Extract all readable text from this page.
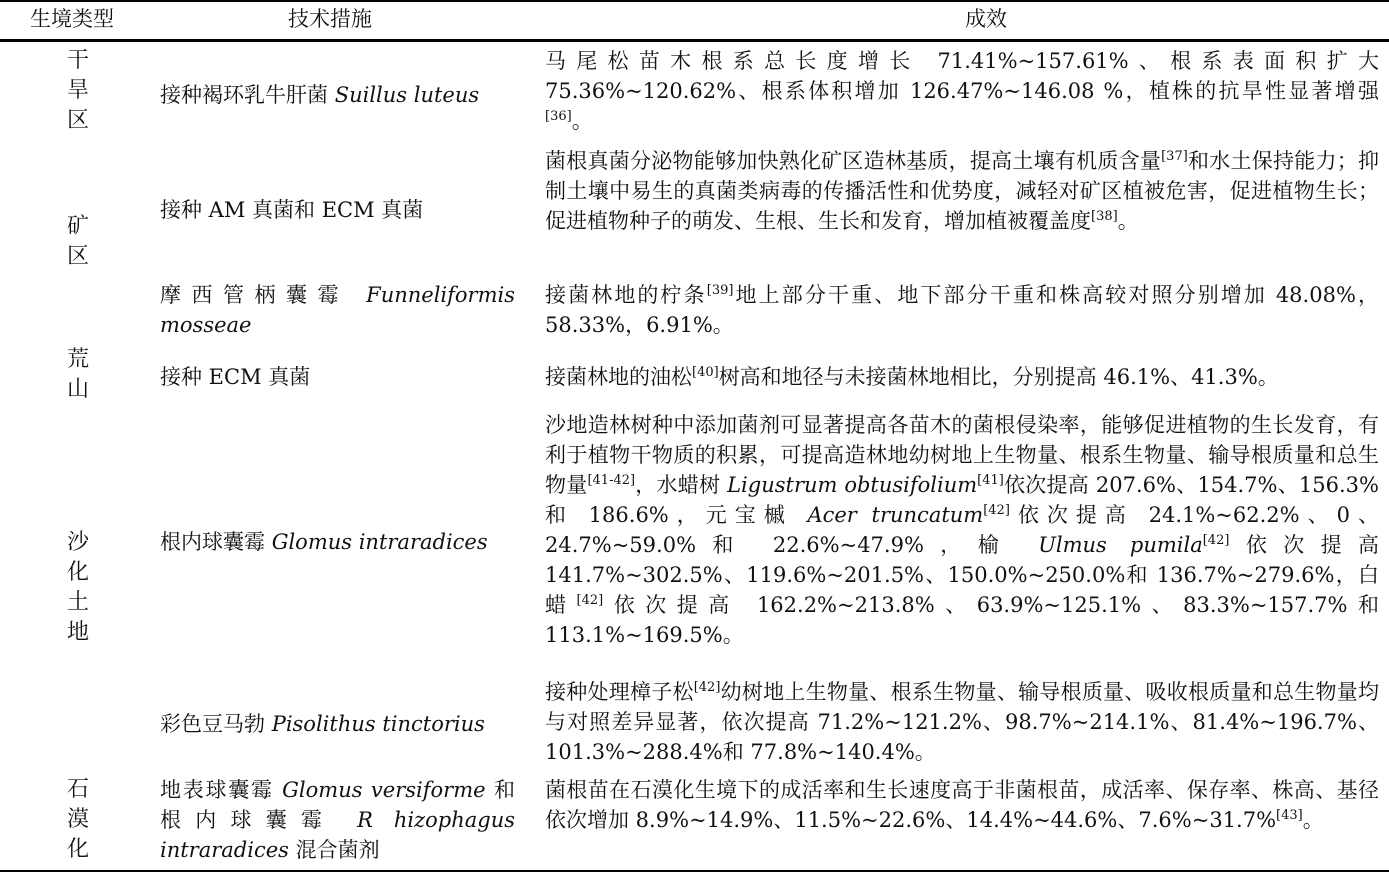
生境类型	技术措施	成效
干
旱
区
矿
区
荒
山
沙
化
土
地
石
漠
化
接种褐环乳牛肝菌 Suillus luteus
接种 AM 真菌和 ECM 真菌
摩西管柄囊霉 Funneliformis mosseae
接种 ECM 真菌
根内球囊霉 Glomus intraradices
彩色豆马勃 Pisolithus tinctorius
地表球囊霉 Glomus versiforme 和根内球囊霉 R hizophagus intraradices 混合菌剂
马尾松苗木根系总长度增长 71.41%~157.61%、根系表面积扩大 75.36%~120.62%、根系体积增加 126.47%~146.08 %，植株的抗旱性显著增强[36]。
菌根真菌分泌物能够加快熟化矿区造林基质，提高土壤有机质含量[37]和水土保持能力；抑制土壤中易生的真菌类病毒的传播活性和优势度，减轻对矿区植被危害，促进植物生长；促进植物种子的萌发、生根、生长和发育，增加植被覆盖度[38]。
接菌林地的柠条[39]地上部分干重、地下部分干重和株高较对照分别增加 48.08%，58.33%，6.91%。
接菌林地的油松[40]树高和地径与未接菌林地相比，分别提高 46.1%、41.3%。
沙地造林树种中添加菌剂可显著提高各苗木的菌根侵染率，能够促进植物的生长发育，有利于植物干物质的积累，可提高造林地幼树地上生物量、根系生物量、输导根质量和总生物量[41-42]，水蜡树 Ligustrum obtusifolium[41]依次提高 207.6%、154.7%、156.3%和 186.6%，元宝槭 Acer truncatum[42]依次提高 24.1%~62.2%、0、24.7%~59.0%和 22.6%~47.9%，榆 Ulmus pumila[42]依次提高 141.7%~302.5%、119.6%~201.5%、150.0%~250.0%和 136.7%~279.6%，白蜡[42]依次提高 162.2%~213.8%、63.9%~125.1%、83.3%~157.7%和 113.1%~169.5%。
接种处理樟子松[42]幼树地上生物量、根系生物量、输导根质量、吸收根质量和总生物量均与对照差异显著，依次提高 71.2%~121.2%、98.7%~214.1%、81.4%~196.7%、101.3%~288.4%和 77.8%~140.4%。
菌根苗在石漠化生境下的成活率和生长速度高于非菌根苗，成活率、保存率、株高、基径依次增加 8.9%~14.9%、11.5%~22.6%、14.4%~44.6%、7.6%~31.7%[43]。
